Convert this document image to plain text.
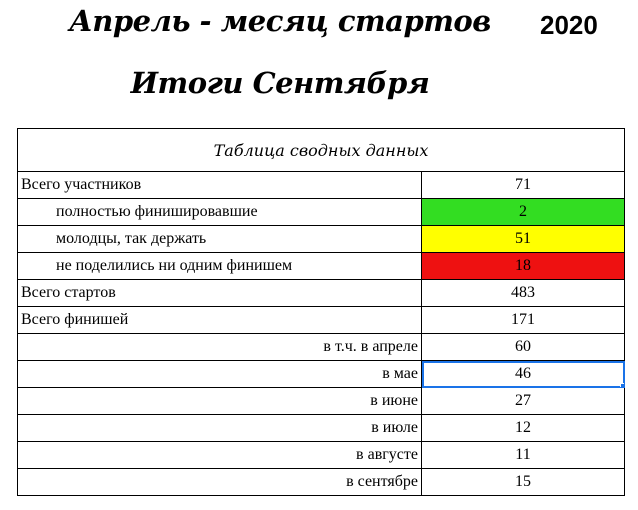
Апрель - месяц стартов	2020
Итоги Сентября
Таблица сводных данных	
Всего участников	71
полностью финишировавшие	2
молодцы, так держать	51
не поделились ни одним финишем	18
Всего стартов	483
Всего финишей	171
в т.ч. в апреле	60
в мае	46

в июне	27
в июле	12
в августе	11
в сентябре	15
